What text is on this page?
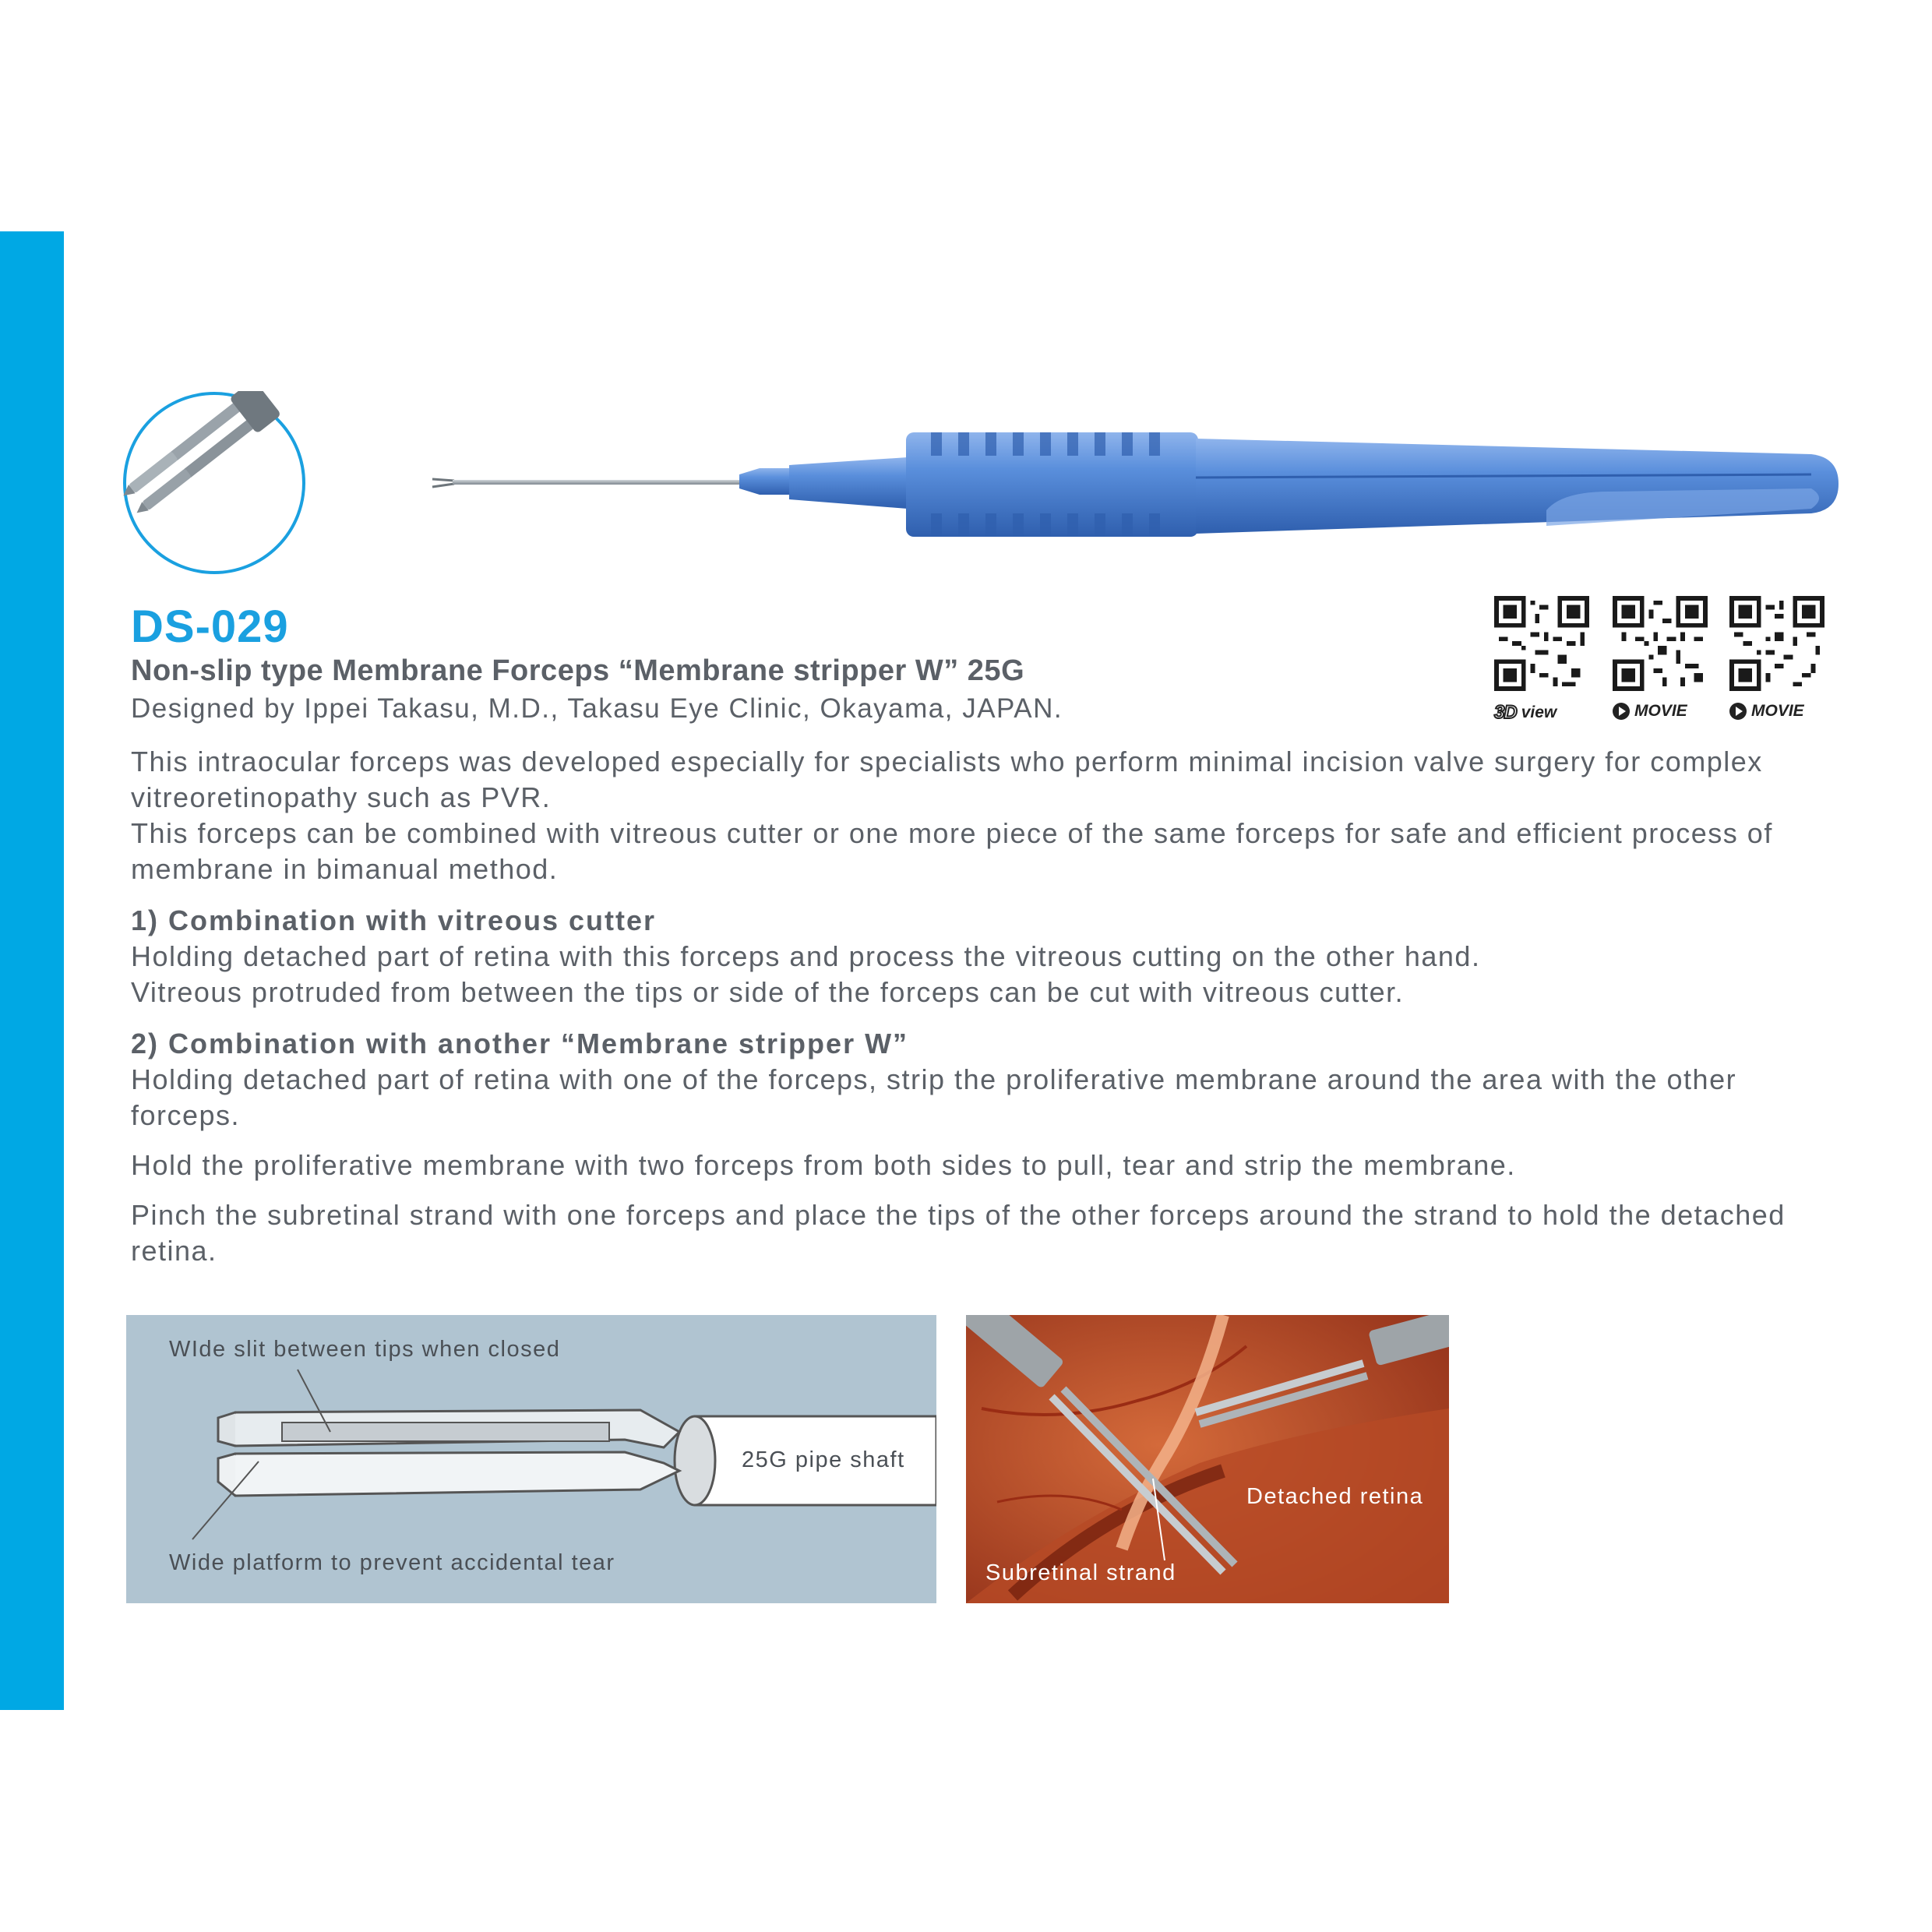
3D view	MOVIE	MOVIE
DS-029
Non-slip type Membrane Forceps “Membrane stripper W” 25G

Designed by Ippei Takasu, M.D., Takasu Eye Clinic, Okayama, JAPAN.

This intraocular forceps was developed especially for specialists who perform minimal incision valve surgery for complex vitreoretinopathy such as PVR.

This forceps can be combined with vitreous cutter or one more piece of the same forceps for safe and efficient process of membrane in bimanual method.

1) Combination with vitreous cutter
Holding detached part of retina with this forceps and process the vitreous cutting on the other hand.

Vitreous protruded from between the tips or side of the forceps can be cut with vitreous cutter.

2) Combination with another “Membrane stripper W”

Holding detached part of retina with one of the forceps, strip the proliferative membrane around the area with the other forceps.

Hold the proliferative membrane with two forceps from both sides to pull, tear and strip the membrane.

Pinch the subretinal strand with one forceps and place the tips of the other forceps around the strand to hold the detached retina.

WIde slit between tips when closed
25G pipe shaft
Wide platform to prevent accidental tear
Detached retina
Subretinal strand
